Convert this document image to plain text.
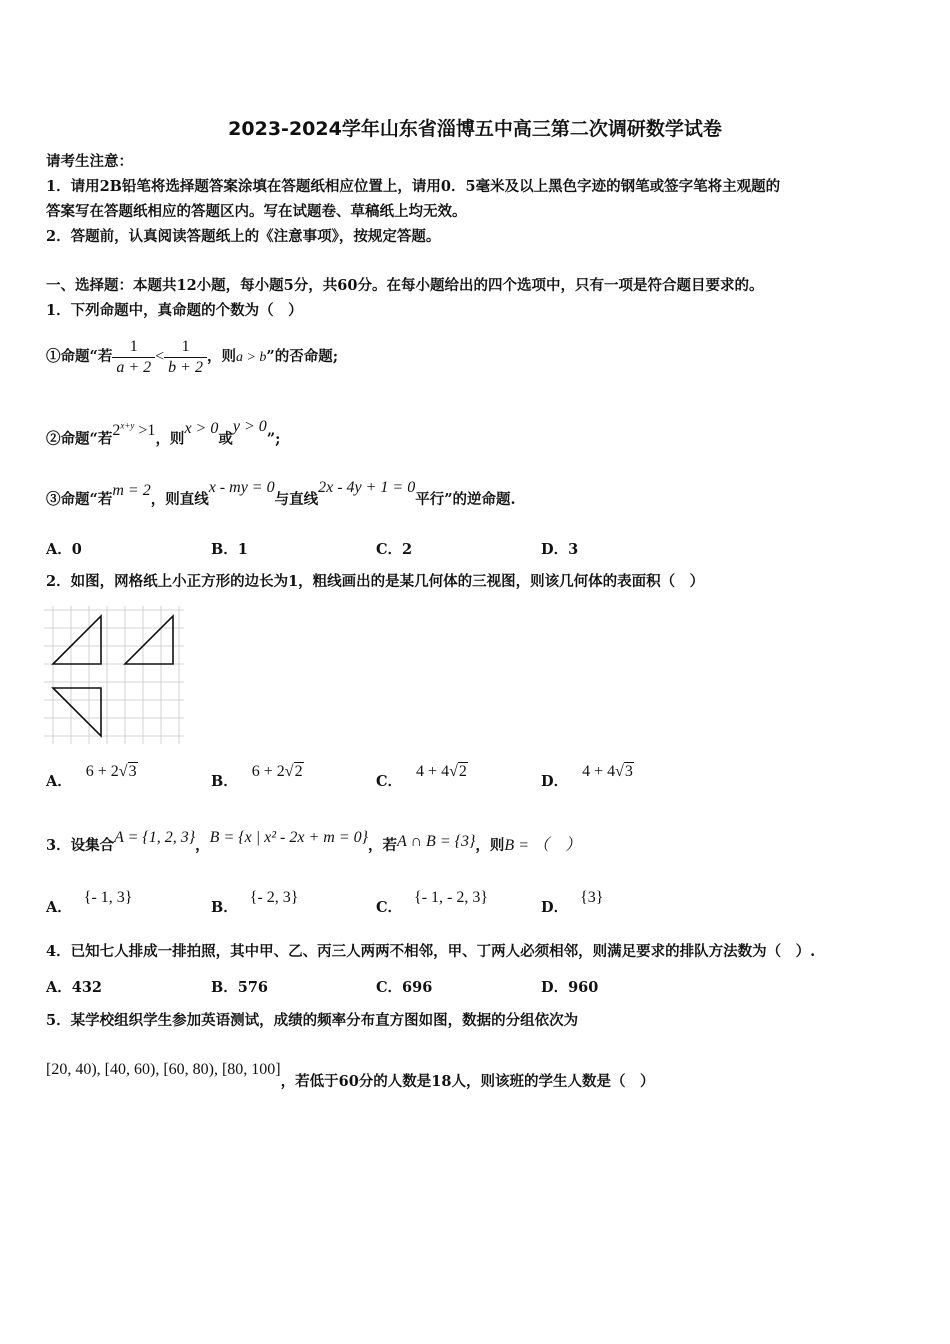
2023-2024学年山东省淄博五中高三第二次调研数学试卷
请考生注意：
1．请用2B铅笔将选择题答案涂填在答题纸相应位置上，请用0．5毫米及以上黑色字迹的钢笔或签字笔将主观题的
答案写在答题纸相应的答题区内。写在试题卷、草稿纸上均无效。
2．答题前，认真阅读答题纸上的《注意事项》，按规定答题。
一、选择题：本题共12小题，每小题5分，共60分。在每小题给出的四个选项中，只有一项是符合题目要求的。
1．下列命题中，真命题的个数为（　）
①命题“若 $\frac{1}{a + 2} < \frac{1}{b + 2}$ ，则a > b”的否命题;
②命题“若$2^{x+y} >1$，则x > 0或y > 0”;
③命题“若m = 2，则直线x - my = 0与直线2x - 4y + 1 = 0平行”的逆命题.
A．0	B．1	C．2	D．3
2．如图，网格纸上小正方形的边长为1，粗线画出的是某几何体的三视图，则该几何体的表面积（　）
A．6 + 2√3
B．6 + 2√2
C．4 + 4√2
D．4 + 4√3
3．设集合A = {1, 2, 3}，B = {x | x² - 2x + m = 0}，若A ∩ B = {3}，则B = （　）
A．{- 1, 3}
B．{- 2, 3}
C．{- 1, - 2, 3}
D．{3}
4．已知七人排成一排拍照，其中甲、乙、丙三人两两不相邻，甲、丁两人必须相邻，则满足要求的排队方法数为（　）.
A．432	B．576	C．696	D．960
5．某学校组织学生参加英语测试，成绩的频率分布直方图如图，数据的分组依次为
[20, 40), [40, 60), [60, 80), [80, 100]，若低于60分的人数是18人，则该班的学生人数是（　）
